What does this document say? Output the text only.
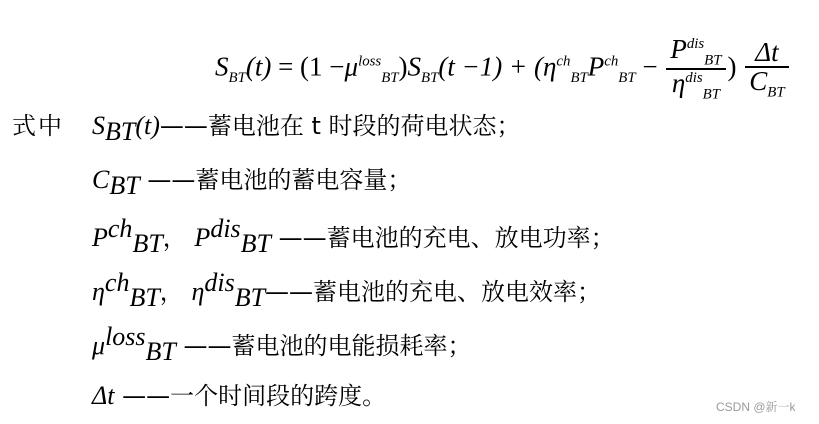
$S_{BT}(t) = (1 -\mu^{loss}_{BT})S_{BT}(t -1) + (\eta^{ch}_{BT}P^{ch}_{BT} - \frac{P^{dis}_{BT}}{\eta^{dis}_{BT}}$ ) $\frac{\Delta t}{C_{BT}}$
式中 $S_{BT}(t)——$蓄电池在 t 时段的荷电状态；
$C_{BT}$ ——蓄电池的蓄电容量；
$P^{ch}_{BT}$， $P^{dis}_{BT}$ ——蓄电池的充电、放电功率；
$\eta^{ch}_{BT}$， $\eta^{dis}_{BT}——$蓄电池的充电、放电效率；
$\mu^{loss}_{BT}$ ——蓄电池的电能损耗率；
Δt ——一个时间段的跨度。	CSDN @新一k
